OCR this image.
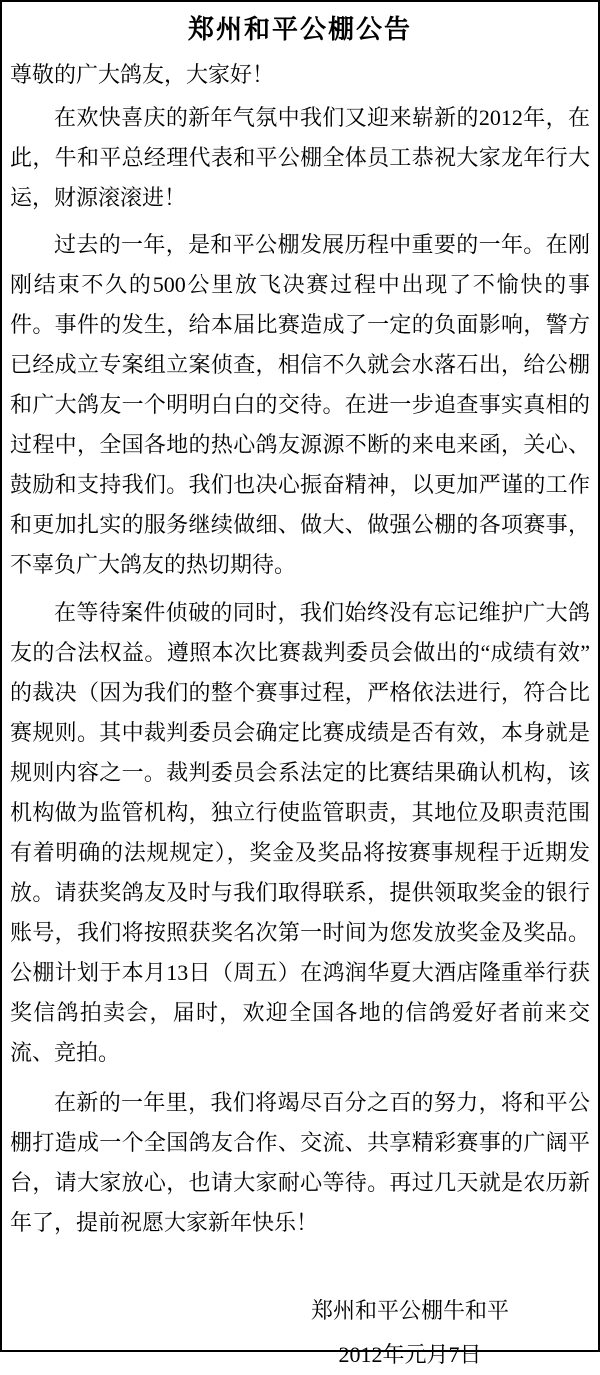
郑州和平公棚公告

尊敬的广大鸽友，大家好！

在欢快喜庆的新年气氛中我们又迎来崭新的2012年，在此，牛和平总经理代表和平公棚全体员工恭祝大家龙年行大运，财源滚滚进！

过去的一年，是和平公棚发展历程中重要的一年。在刚刚结束不久的500公里放飞决赛过程中出现了不愉快的事件。事件的发生，给本届比赛造成了一定的负面影响，警方已经成立专案组立案侦查，相信不久就会水落石出，给公棚和广大鸽友一个明明白白的交待。在进一步追查事实真相的过程中，全国各地的热心鸽友源源不断的来电来函，关心、鼓励和支持我们。我们也决心振奋精神，以更加严谨的工作和更加扎实的服务继续做细、做大、做强公棚的各项赛事，不辜负广大鸽友的热切期待。

在等待案件侦破的同时，我们始终没有忘记维护广大鸽友的合法权益。遵照本次比赛裁判委员会做出的“成绩有效”的裁决（因为我们的整个赛事过程，严格依法进行，符合比赛规则。其中裁判委员会确定比赛成绩是否有效，本身就是规则内容之一。裁判委员会系法定的比赛结果确认机构，该机构做为监管机构，独立行使监管职责，其地位及职责范围有着明确的法规规定），奖金及奖品将按赛事规程于近期发放。请获奖鸽友及时与我们取得联系，提供领取奖金的银行账号，我们将按照获奖名次第一时间为您发放奖金及奖品。公棚计划于本月13日（周五）在鸿润华夏大酒店隆重举行获奖信鸽拍卖会，届时，欢迎全国各地的信鸽爱好者前来交流、竞拍。

在新的一年里，我们将竭尽百分之百的努力，将和平公棚打造成一个全国鸽友合作、交流、共享精彩赛事的广阔平台，请大家放心，也请大家耐心等待。再过几天就是农历新年了，提前祝愿大家新年快乐！

郑州和平公棚牛和平
2012年元月7日
